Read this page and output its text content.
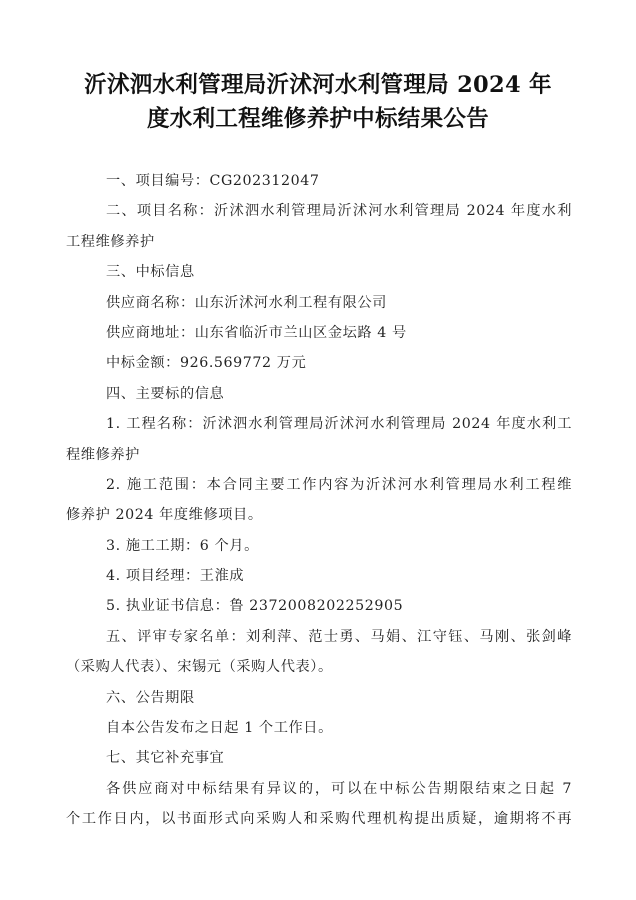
沂沭泗水利管理局沂沭河水利管理局 2024 年
度水利工程维修养护中标结果公告
一、项目编号：CG202312047
二、项目名称：沂沭泗水利管理局沂沭河水利管理局 2024 年度水利
工程维修养护
三、中标信息
供应商名称：山东沂沭河水利工程有限公司
供应商地址：山东省临沂市兰山区金坛路 4 号
中标金额：926.569772 万元
四、主要标的信息
1. 工程名称：沂沭泗水利管理局沂沭河水利管理局 2024 年度水利工
程维修养护
2. 施工范围：本合同主要工作内容为沂沭河水利管理局水利工程维
修养护 2024 年度维修项目。
3. 施工工期：6 个月。
4. 项目经理：王淮成
5. 执业证书信息：鲁 2372008202252905
五、评审专家名单：刘利萍、范士勇、马娟、江守钰、马刚、张剑峰
（采购人代表）、宋锡元（采购人代表）。
六、公告期限
自本公告发布之日起 1 个工作日。
七、其它补充事宜
各供应商对中标结果有异议的，可以在中标公告期限结束之日起 7
个工作日内，以书面形式向采购人和采购代理机构提出质疑，逾期将不再
